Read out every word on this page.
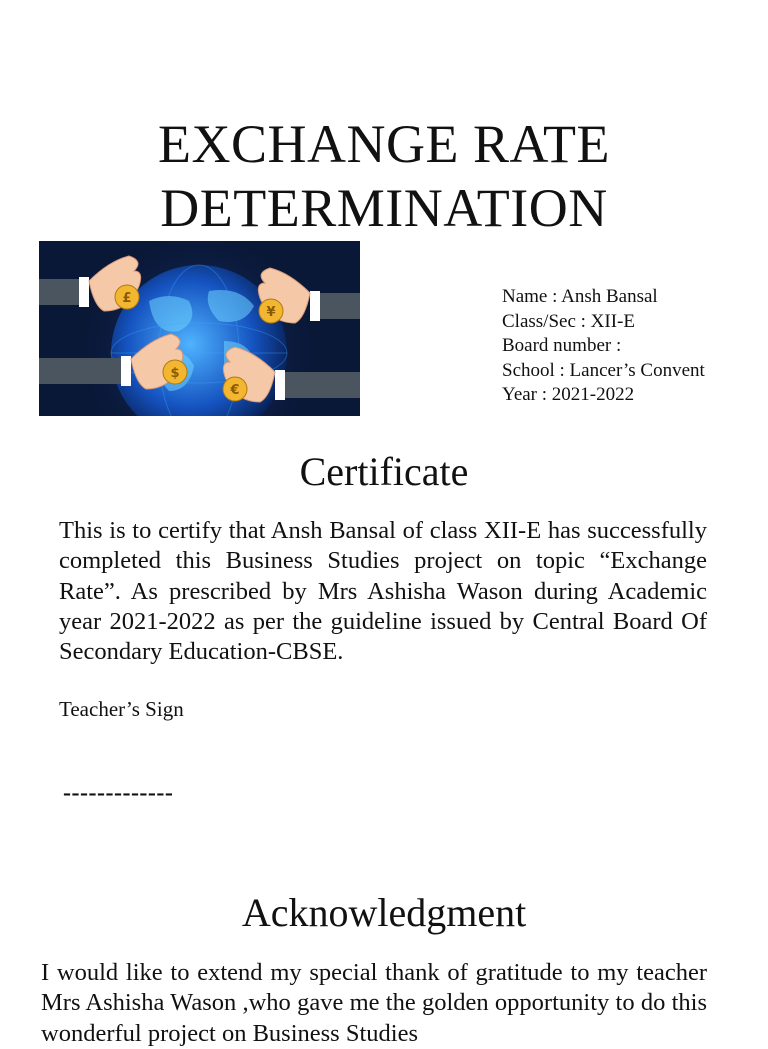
EXCHANGE RATE
DETERMINATION
£
¥
$
€
Name : Ansh Bansal
Class/Sec : XII-E
Board number :
School : Lancer’s Convent
Year : 2021-2022
Certificate

This is to certify that Ansh Bansal of class XII-E has successfully completed this Business Studies project on topic “Exchange Rate”. As prescribed by Mrs Ashisha Wason during Academic year 2021-2022 as per the guideline issued by Central Board Of Secondary Education-CBSE.

Teacher’s Sign
-------------
Acknowledgment

I would like to extend my special thank of gratitude to my teacher Mrs Ashisha Wason ,who gave me the golden opportunity to do this wonderful project on Business Studies
